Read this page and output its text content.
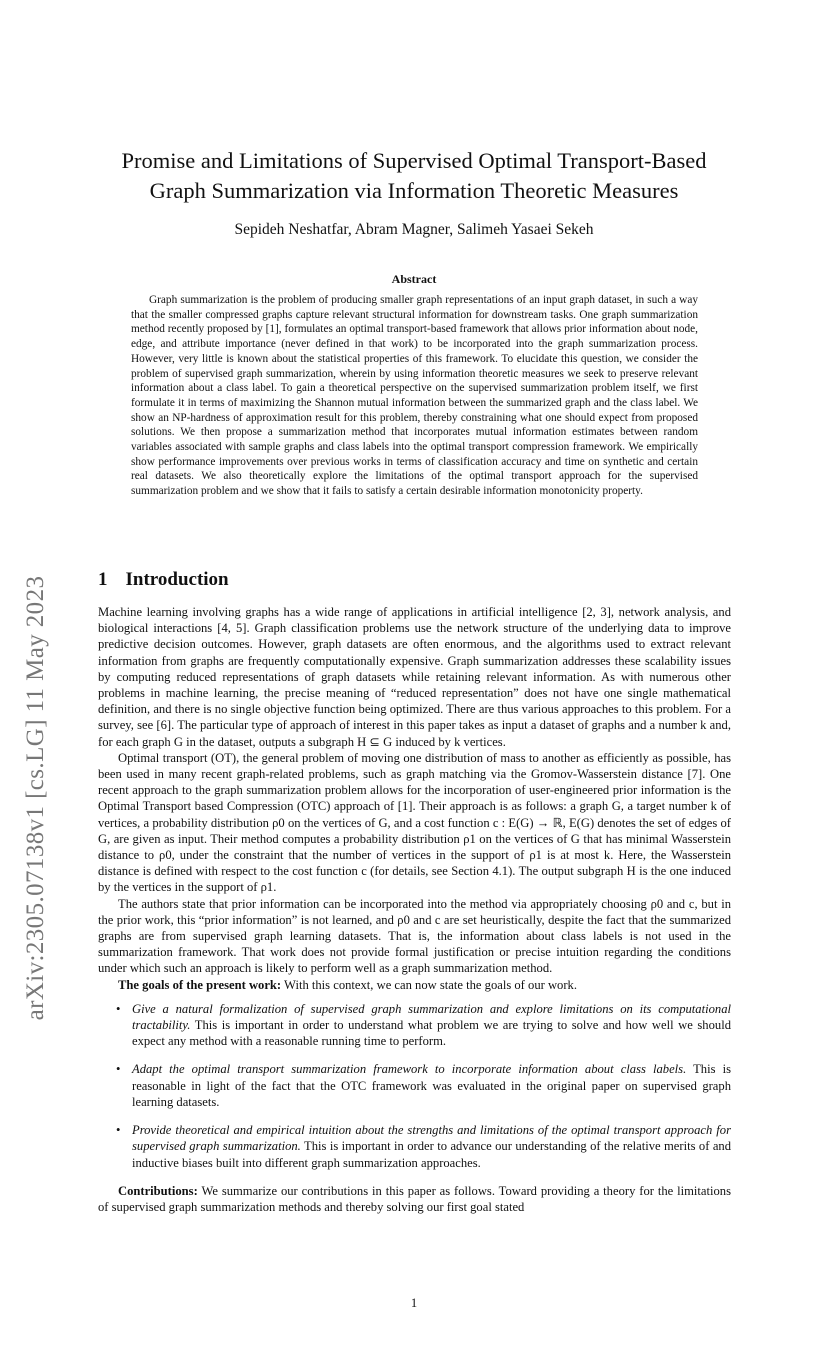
arXiv:2305.07138v1 [cs.LG] 11 May 2023
Promise and Limitations of Supervised Optimal Transport-Based
Graph Summarization via Information Theoretic Measures
Sepideh Neshatfar, Abram Magner, Salimeh Yasaei Sekeh
Abstract

Graph summarization is the problem of producing smaller graph representations of an input graph dataset, in such a way that the smaller compressed graphs capture relevant structural information for downstream tasks. One graph summarization method recently proposed by [1], formulates an optimal transport-based framework that allows prior information about node, edge, and attribute importance (never defined in that work) to be incorporated into the graph summarization process. However, very little is known about the statistical properties of this framework. To elucidate this question, we consider the problem of supervised graph summarization, wherein by using information theoretic measures we seek to preserve relevant information about a class label. To gain a theoretical perspective on the supervised summarization problem itself, we first formulate it in terms of maximizing the Shannon mutual information between the summarized graph and the class label. We show an NP-hardness of approximation result for this problem, thereby constraining what one should expect from proposed solutions. We then propose a summarization method that incorporates mutual information estimates between random variables associated with sample graphs and class labels into the optimal transport compression framework. We empirically show performance improvements over previous works in terms of classification accuracy and time on synthetic and certain real datasets. We also theoretically explore the limitations of the optimal transport approach for the supervised summarization problem and we show that it fails to satisfy a certain desirable information monotonicity property.

1 Introduction

Machine learning involving graphs has a wide range of applications in artificial intelligence [2, 3], network analysis, and biological interactions [4, 5]. Graph classification problems use the network structure of the underlying data to improve predictive decision outcomes. However, graph datasets are often enormous, and the algorithms used to extract relevant information from graphs are frequently computationally expensive. Graph summarization addresses these scalability issues by computing reduced representations of graph datasets while retaining relevant information. As with numerous other problems in machine learning, the precise meaning of “reduced representation” does not have one single mathematical definition, and there is no single objective function being optimized. There are thus various approaches to this problem. For a survey, see [6]. The particular type of approach of interest in this paper takes as input a dataset of graphs and a number k and, for each graph G in the dataset, outputs a subgraph H ⊆ G induced by k vertices.

Optimal transport (OT), the general problem of moving one distribution of mass to another as efficiently as possible, has been used in many recent graph-related problems, such as graph matching via the Gromov-Wasserstein distance [7]. One recent approach to the graph summarization problem allows for the incorporation of user-engineered prior information is the Optimal Transport based Compression (OTC) approach of [1]. Their approach is as follows: a graph G, a target number k of vertices, a probability distribution ρ0 on the vertices of G, and a cost function c : E(G) → ℝ, E(G) denotes the set of edges of G, are given as input. Their method computes a probability distribution ρ1 on the vertices of G that has minimal Wasserstein distance to ρ0, under the constraint that the number of vertices in the support of ρ1 is at most k. Here, the Wasserstein distance is defined with respect to the cost function c (for details, see Section 4.1). The output subgraph H is the one induced by the vertices in the support of ρ1.

The authors state that prior information can be incorporated into the method via appropriately choosing ρ0 and c, but in the prior work, this “prior information” is not learned, and ρ0 and c are set heuristically, despite the fact that the summarized graphs are from supervised graph learning datasets. That is, the information about class labels is not used in the summarization framework. That work does not provide formal justification or precise intuition regarding the conditions under which such an approach is likely to perform well as a graph summarization method.

The goals of the present work: With this context, we can now state the goals of our work.

• Give a natural formalization of supervised graph summarization and explore limitations on its computational tractability. This is important in order to understand what problem we are trying to solve and how well we should expect any method with a reasonable running time to perform.
• Adapt the optimal transport summarization framework to incorporate information about class labels. This is reasonable in light of the fact that the OTC framework was evaluated in the original paper on supervised graph learning datasets.
• Provide theoretical and empirical intuition about the strengths and limitations of the optimal transport approach for supervised graph summarization. This is important in order to advance our understanding of the relative merits of and inductive biases built into different graph summarization approaches.

Contributions: We summarize our contributions in this paper as follows. Toward providing a theory for the limitations of supervised graph summarization methods and thereby solving our first goal stated

1
